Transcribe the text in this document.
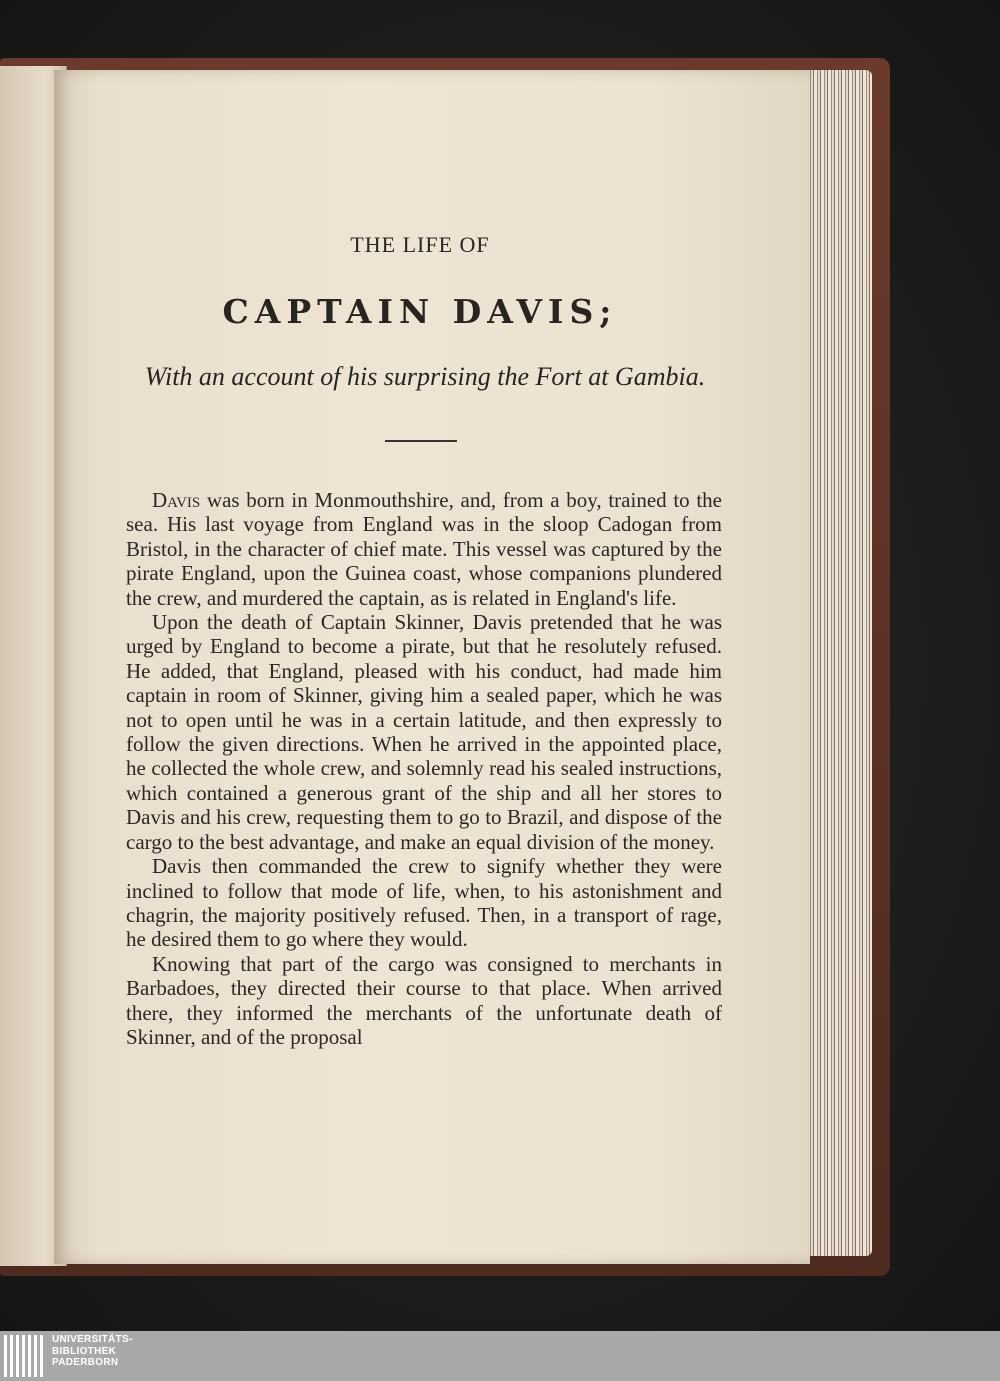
THE LIFE OF
CAPTAIN DAVIS;
With an account of his surprising the Fort at Gambia.

Davis was born in Monmouthshire, and, from a boy, trained to the sea. His last voyage from England was in the sloop Cadogan from Bristol, in the character of chief mate. This vessel was captured by the pirate England, upon the Guinea coast, whose companions plundered the crew, and murdered the captain, as is related in England's life.

Upon the death of Captain Skinner, Davis pretended that he was urged by England to become a pirate, but that he resolutely refused. He added, that England, pleased with his conduct, had made him captain in room of Skinner, giving him a sealed paper, which he was not to open until he was in a certain latitude, and then expressly to follow the given directions. When he arrived in the appointed place, he collected the whole crew, and solemnly read his sealed instructions, which contained a generous grant of the ship and all her stores to Davis and his crew, requesting them to go to Brazil, and dispose of the cargo to the best advantage, and make an equal division of the money.

Davis then commanded the crew to signify whether they were inclined to follow that mode of life, when, to his astonishment and chagrin, the majority positively refused. Then, in a transport of rage, he desired them to go where they would.

Knowing that part of the cargo was consigned to merchants in Barbadoes, they directed their course to that place. When arrived there, they informed the merchants of the unfortunate death of Skinner, and of the proposal

UNIVERSITÄTS-
BIBLIOTHEK
PADERBORN
